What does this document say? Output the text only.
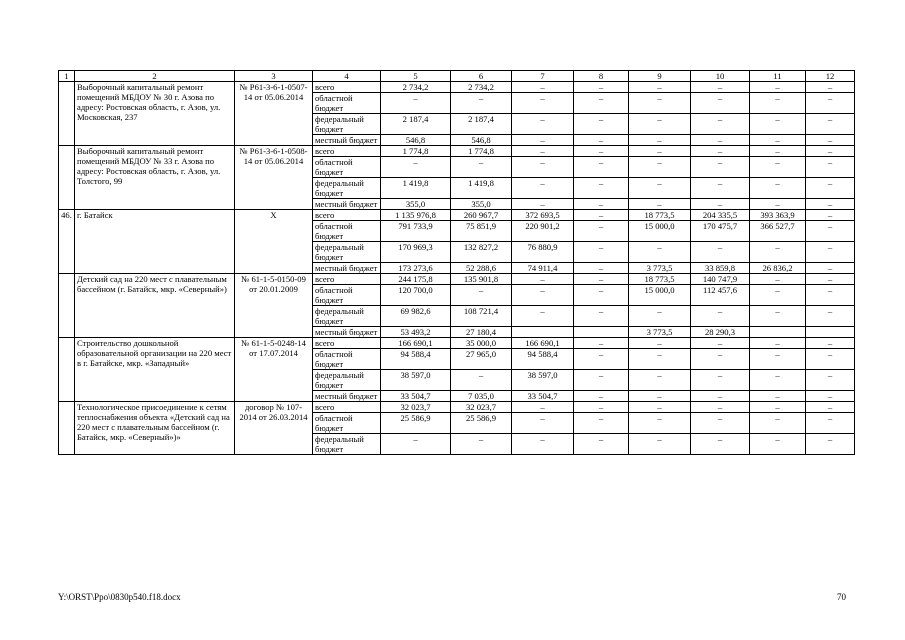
1	2	3	4	5	6	7	8	9	10	11	12
	Выборочный капитальный ремонт помещений МБДОУ № 30 г. Азова по адресу: Ростовская область, г. Азов, ул. Московская, 237	№ Р61-3-6-1-0507-14 от 05.06.2014	всего	2 734,2	2 734,2	–	–	–	–	–	–
			областной бюджет	–	–	–	–	–	–	–	–
			федеральный бюджет	2 187,4	2 187,4	–	–	–	–	–	–
			местный бюджет	546,8	546,8	–	–	–	–	–	–
	Выборочный капитальный ремонт помещений МБДОУ № 33 г. Азова по адресу: Ростовская область, г. Азов, ул. Толстого, 99	№ Р61-3-6-1-0508-14 от 05.06.2014	всего	1 774,8	1 774,8	–	–	–	–	–	–
			областной бюджет	–	–	–	–	–	–	–	–
			федеральный бюджет	1 419,8	1 419,8	–	–	–	–	–	–
			местный бюджет	355,0	355,0	–	–	–	–	–	–
46.	г. Батайск	X	всего	1 135 976,8	260 967,7	372 693,5	–	18 773,5	204 335,5	393 363,9	–
			областной бюджет	791 733,9	75 851,9	220 901,2	–	15 000,0	170 475,7	366 527,7	–
			федеральный бюджет	170 969,3	132 827,2	76 880,9	–	–	–	–	–
			местный бюджет	173 273,6	52 288,6	74 911,4	–	3 773,5	33 859,8	26 836,2	–
	Детский сад на 220 мест с плавательным бассейном (г. Батайск, мкр. «Северный»)	№ 61-1-5-0150-09 от 20.01.2009	всего	244 175,8	135 901,8	–	–	18 773,5	140 747,9	–	–
			областной бюджет	120 700,0	–	–	–	15 000,0	112 457,6	–	–
			федеральный бюджет	69 982,6	108 721,4	–	–	–	–	–	–
			местный бюджет	53 493,2	27 180,4			3 773,5	28 290,3		
	Строительство дошкольной образовательной организации на 220 мест в г. Батайске, мкр. «Западный»	№ 61-1-5-0248-14 от 17.07.2014	всего	166 690,1	35 000,0	166 690,1	–	–	–	–	–
			областной бюджет	94 588,4	27 965,0	94 588,4	–	–	–	–	–
			федеральный бюджет	38 597,0	–	38 597,0	–	–	–	–	–
			местный бюджет	33 504,7	7 035,0	33 504,7	–	–	–	–	–
	Технологическое присоединение к сетям теплоснабжения объекта «Детский сад на 220 мест с плавательным бассейном (г. Батайск, мкр. «Северный»)»	договор № 107-2014 от 26.03.2014	всего	32 023,7	32 023,7	–	–	–	–	–	–
			областной бюджет	25 586,9	25 586,9	–	–	–	–	–	–
			федеральный бюджет	–	–	–	–	–	–	–	–
Y:\ORST\Ppo\0830p540.f18.docx	70
